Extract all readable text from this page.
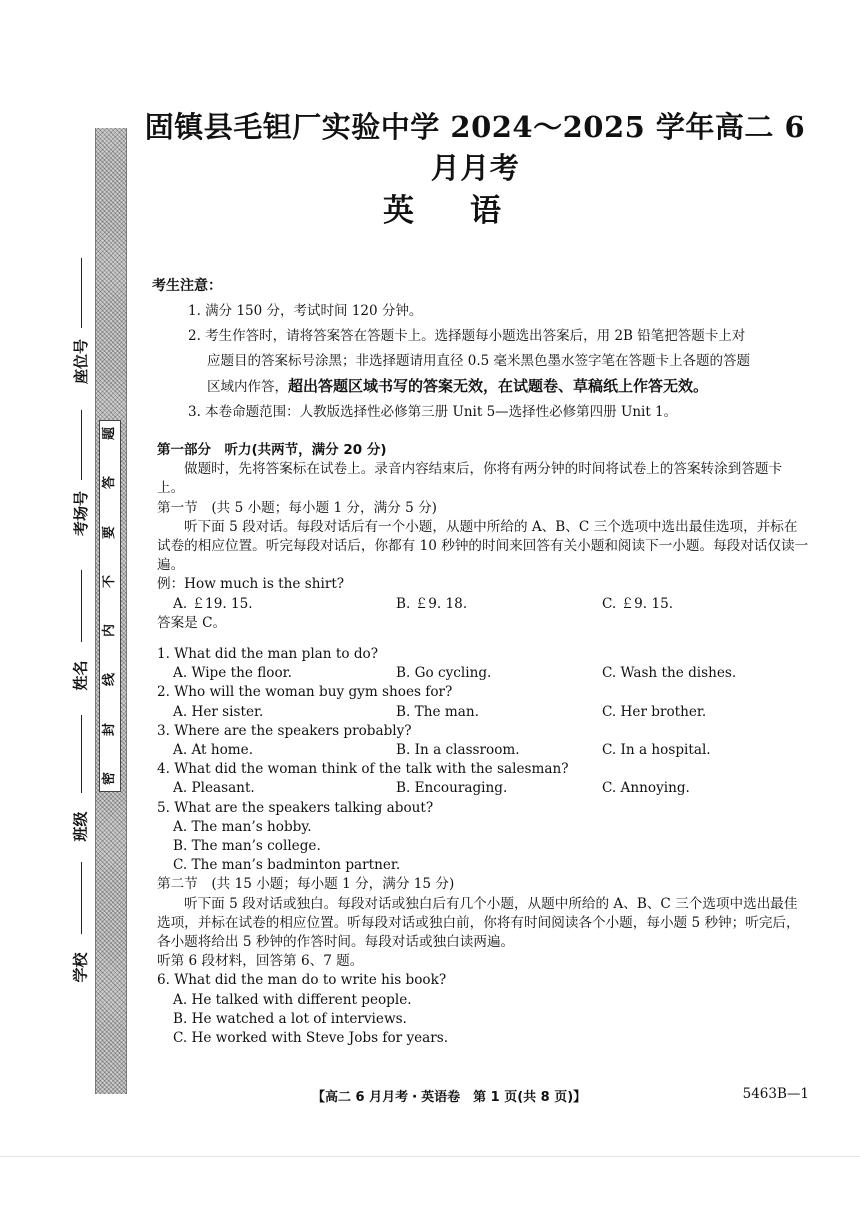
座位号
考场号
姓名
班级
学校
题
答
要
不
内
线
封
密
固镇县毛钽厂实验中学 2024～2025 学年高二 6 月月考
英语
考生注意：
1. 满分 150 分，考试时间 120 分钟。
2. 考生作答时，请将答案答在答题卡上。选择题每小题选出答案后，用 2B 铅笔把答题卡上对
应题目的答案标号涂黑；非选择题请用直径 0.5 毫米黑色墨水签字笔在答题卡上各题的答题
区域内作答，超出答题区域书写的答案无效，在试题卷、草稿纸上作答无效。
3. 本卷命题范围：人教版选择性必修第三册 Unit 5—选择性必修第四册 Unit 1。

第一部分　听力(共两节，满分 20 分)

做题时，先将答案标在试卷上。录音内容结束后，你将有两分钟的时间将试卷上的答案转涂到答题卡上。

第一节　(共 5 小题；每小题 1 分，满分 5 分)

听下面 5 段对话。每段对话后有一个小题，从题中所给的 A、B、C 三个选项中选出最佳选项，并标在试卷的相应位置。听完每段对话后，你都有 10 秒钟的时间来回答有关小题和阅读下一小题。每段对话仅读一遍。

例：How much is the shirt?

A. ￡19. 15.	B. ￡9. 18.	C. ￡9. 15.

答案是 C。

1. What did the man plan to do?

A. Wipe the floor.	B. Go cycling.	C. Wash the dishes.

2. Who will the woman buy gym shoes for?

A. Her sister.	B. The man.	C. Her brother.

3. Where are the speakers probably?

A. At home.	B. In a classroom.	C. In a hospital.

4. What did the woman think of the talk with the salesman?

A. Pleasant.	B. Encouraging.	C. Annoying.

5. What are the speakers talking about?

A. The man’s hobby.

B. The man’s college.

C. The man’s badminton partner.

第二节　(共 15 小题；每小题 1 分，满分 15 分)

听下面 5 段对话或独白。每段对话或独白后有几个小题，从题中所给的 A、B、C 三个选项中选出最佳选项，并标在试卷的相应位置。听每段对话或独白前，你将有时间阅读各个小题，每小题 5 秒钟；听完后，各小题将给出 5 秒钟的作答时间。每段对话或独白读两遍。

听第 6 段材料，回答第 6、7 题。

6. What did the man do to write his book?

A. He talked with different people.

B. He watched a lot of interviews.

C. He worked with Steve Jobs for years.

【高二 6 月月考・英语卷　第 1 页(共 8 页)】	5463B—1
